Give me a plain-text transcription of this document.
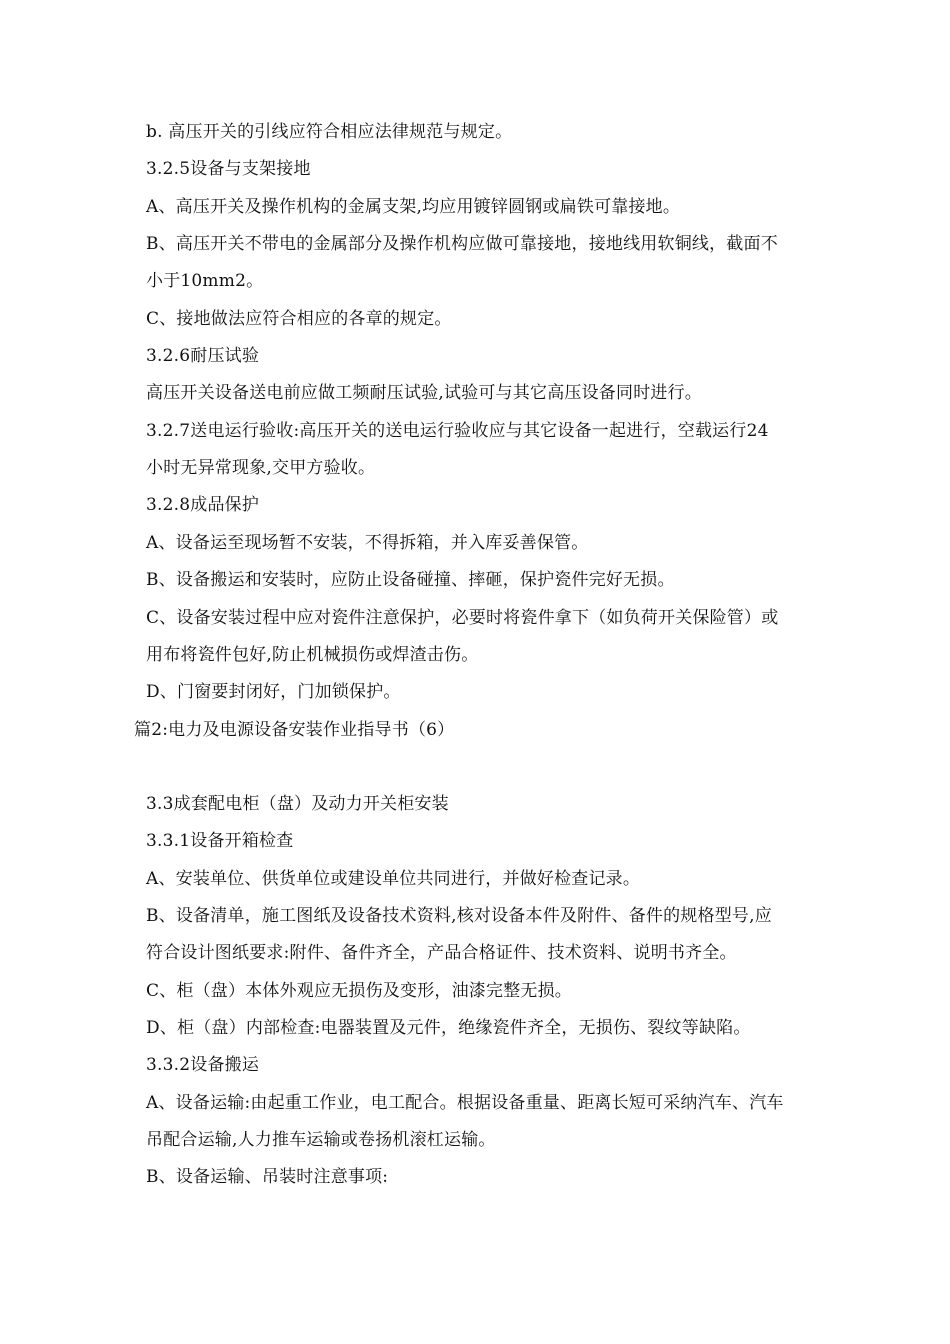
b. 高压开关的引线应符合相应法律规范与规定。
3.2.5设备与支架接地
A、高压开关及操作机构的金属支架,均应用镀锌圆钢或扁铁可靠接地。
B、高压开关不带电的金属部分及操作机构应做可靠接地，接地线用软铜线，截面不
小于10mm2。
C、接地做法应符合相应的各章的规定。
3.2.6耐压试验
高压开关设备送电前应做工频耐压试验,试验可与其它高压设备同时进行。
3.2.7送电运行验收:高压开关的送电运行验收应与其它设备一起进行，空载运行24
小时无异常现象,交甲方验收。
3.2.8成品保护
A、设备运至现场暂不安装，不得拆箱，并入库妥善保管。
B、设备搬运和安装时，应防止设备碰撞、摔砸，保护瓷件完好无损。
C、设备安装过程中应对瓷件注意保护，必要时将瓷件拿下（如负荷开关保险管）或
用布将瓷件包好,防止机械损伤或焊渣击伤。
D、门窗要封闭好，门加锁保护。
篇2:电力及电源设备安装作业指导书（6）
3.3成套配电柜（盘）及动力开关柜安装
3.3.1设备开箱检查
A、安装单位、供货单位或建设单位共同进行，并做好检查记录。
B、设备清单，施工图纸及设备技术资料,核对设备本件及附件、备件的规格型号,应
符合设计图纸要求:附件、备件齐全，产品合格证件、技术资料、说明书齐全。
C、柜（盘）本体外观应无损伤及变形，油漆完整无损。
D、柜（盘）内部检查:电器装置及元件，绝缘瓷件齐全，无损伤、裂纹等缺陷。
3.3.2设备搬运
A、设备运输:由起重工作业，电工配合。根据设备重量、距离长短可采纳汽车、汽车
吊配合运输,人力推车运输或卷扬机滚杠运输。
B、设备运输、吊装时注意事项:
